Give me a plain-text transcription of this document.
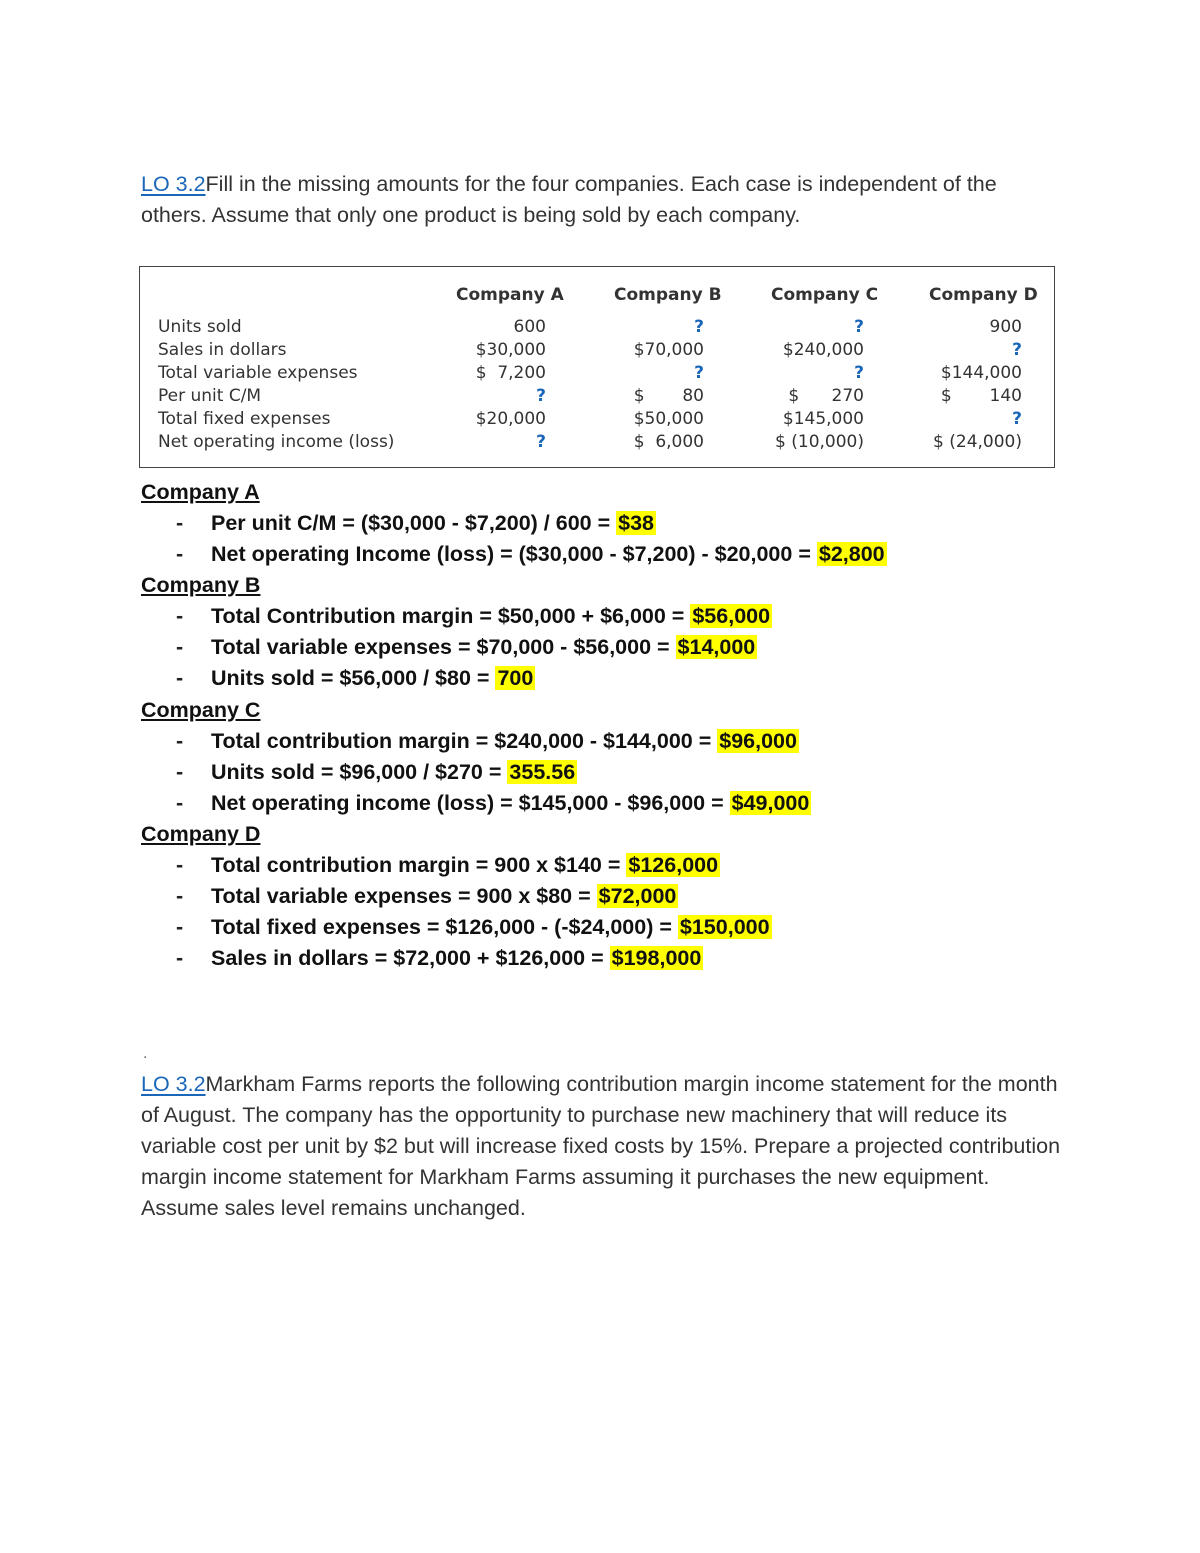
LO 3.2Fill in the missing amounts for the four companies. Each case is independent of the others. Assume that only one product is being sold by each company.
Company A	Company B	Company C	Company D
Units sold	600	?	?	900
Sales in dollars	$30,000	$70,000	$240,000	?
Total variable expenses	$  7,200	?	?	$144,000
Per unit C/M	?	$       80	$      270	$       140
Total fixed expenses	$20,000	$50,000	$145,000	?
Net operating income (loss)	?	$  6,000	$ (10,000)	$ (24,000)
Company A
- Per unit C/M = ($30,000 - $7,200) / 600 = $38
- Net operating Income (loss) = ($30,000 - $7,200) - $20,000 = $2,800
Company B
- Total Contribution margin = $50,000 + $6,000 = $56,000
- Total variable expenses = $70,000 - $56,000 = $14,000
- Units sold = $56,000 / $80 = 700
Company C
- Total contribution margin = $240,000 - $144,000 = $96,000
- Units sold = $96,000 / $270 = 355.56
- Net operating income (loss) = $145,000 - $96,000 = $49,000
Company D
- Total contribution margin = 900 x $140 = $126,000
- Total variable expenses = 900 x $80 = $72,000
- Total fixed expenses = $126,000 - (-$24,000) = $150,000
- Sales in dollars = $72,000 + $126,000 = $198,000
.
LO 3.2Markham Farms reports the following contribution margin income statement for the month of August. The company has the opportunity to purchase new machinery that will reduce its variable cost per unit by $2 but will increase fixed costs by 15%. Prepare a projected contribution margin income statement for Markham Farms assuming it purchases the new equipment. Assume sales level remains unchanged.
